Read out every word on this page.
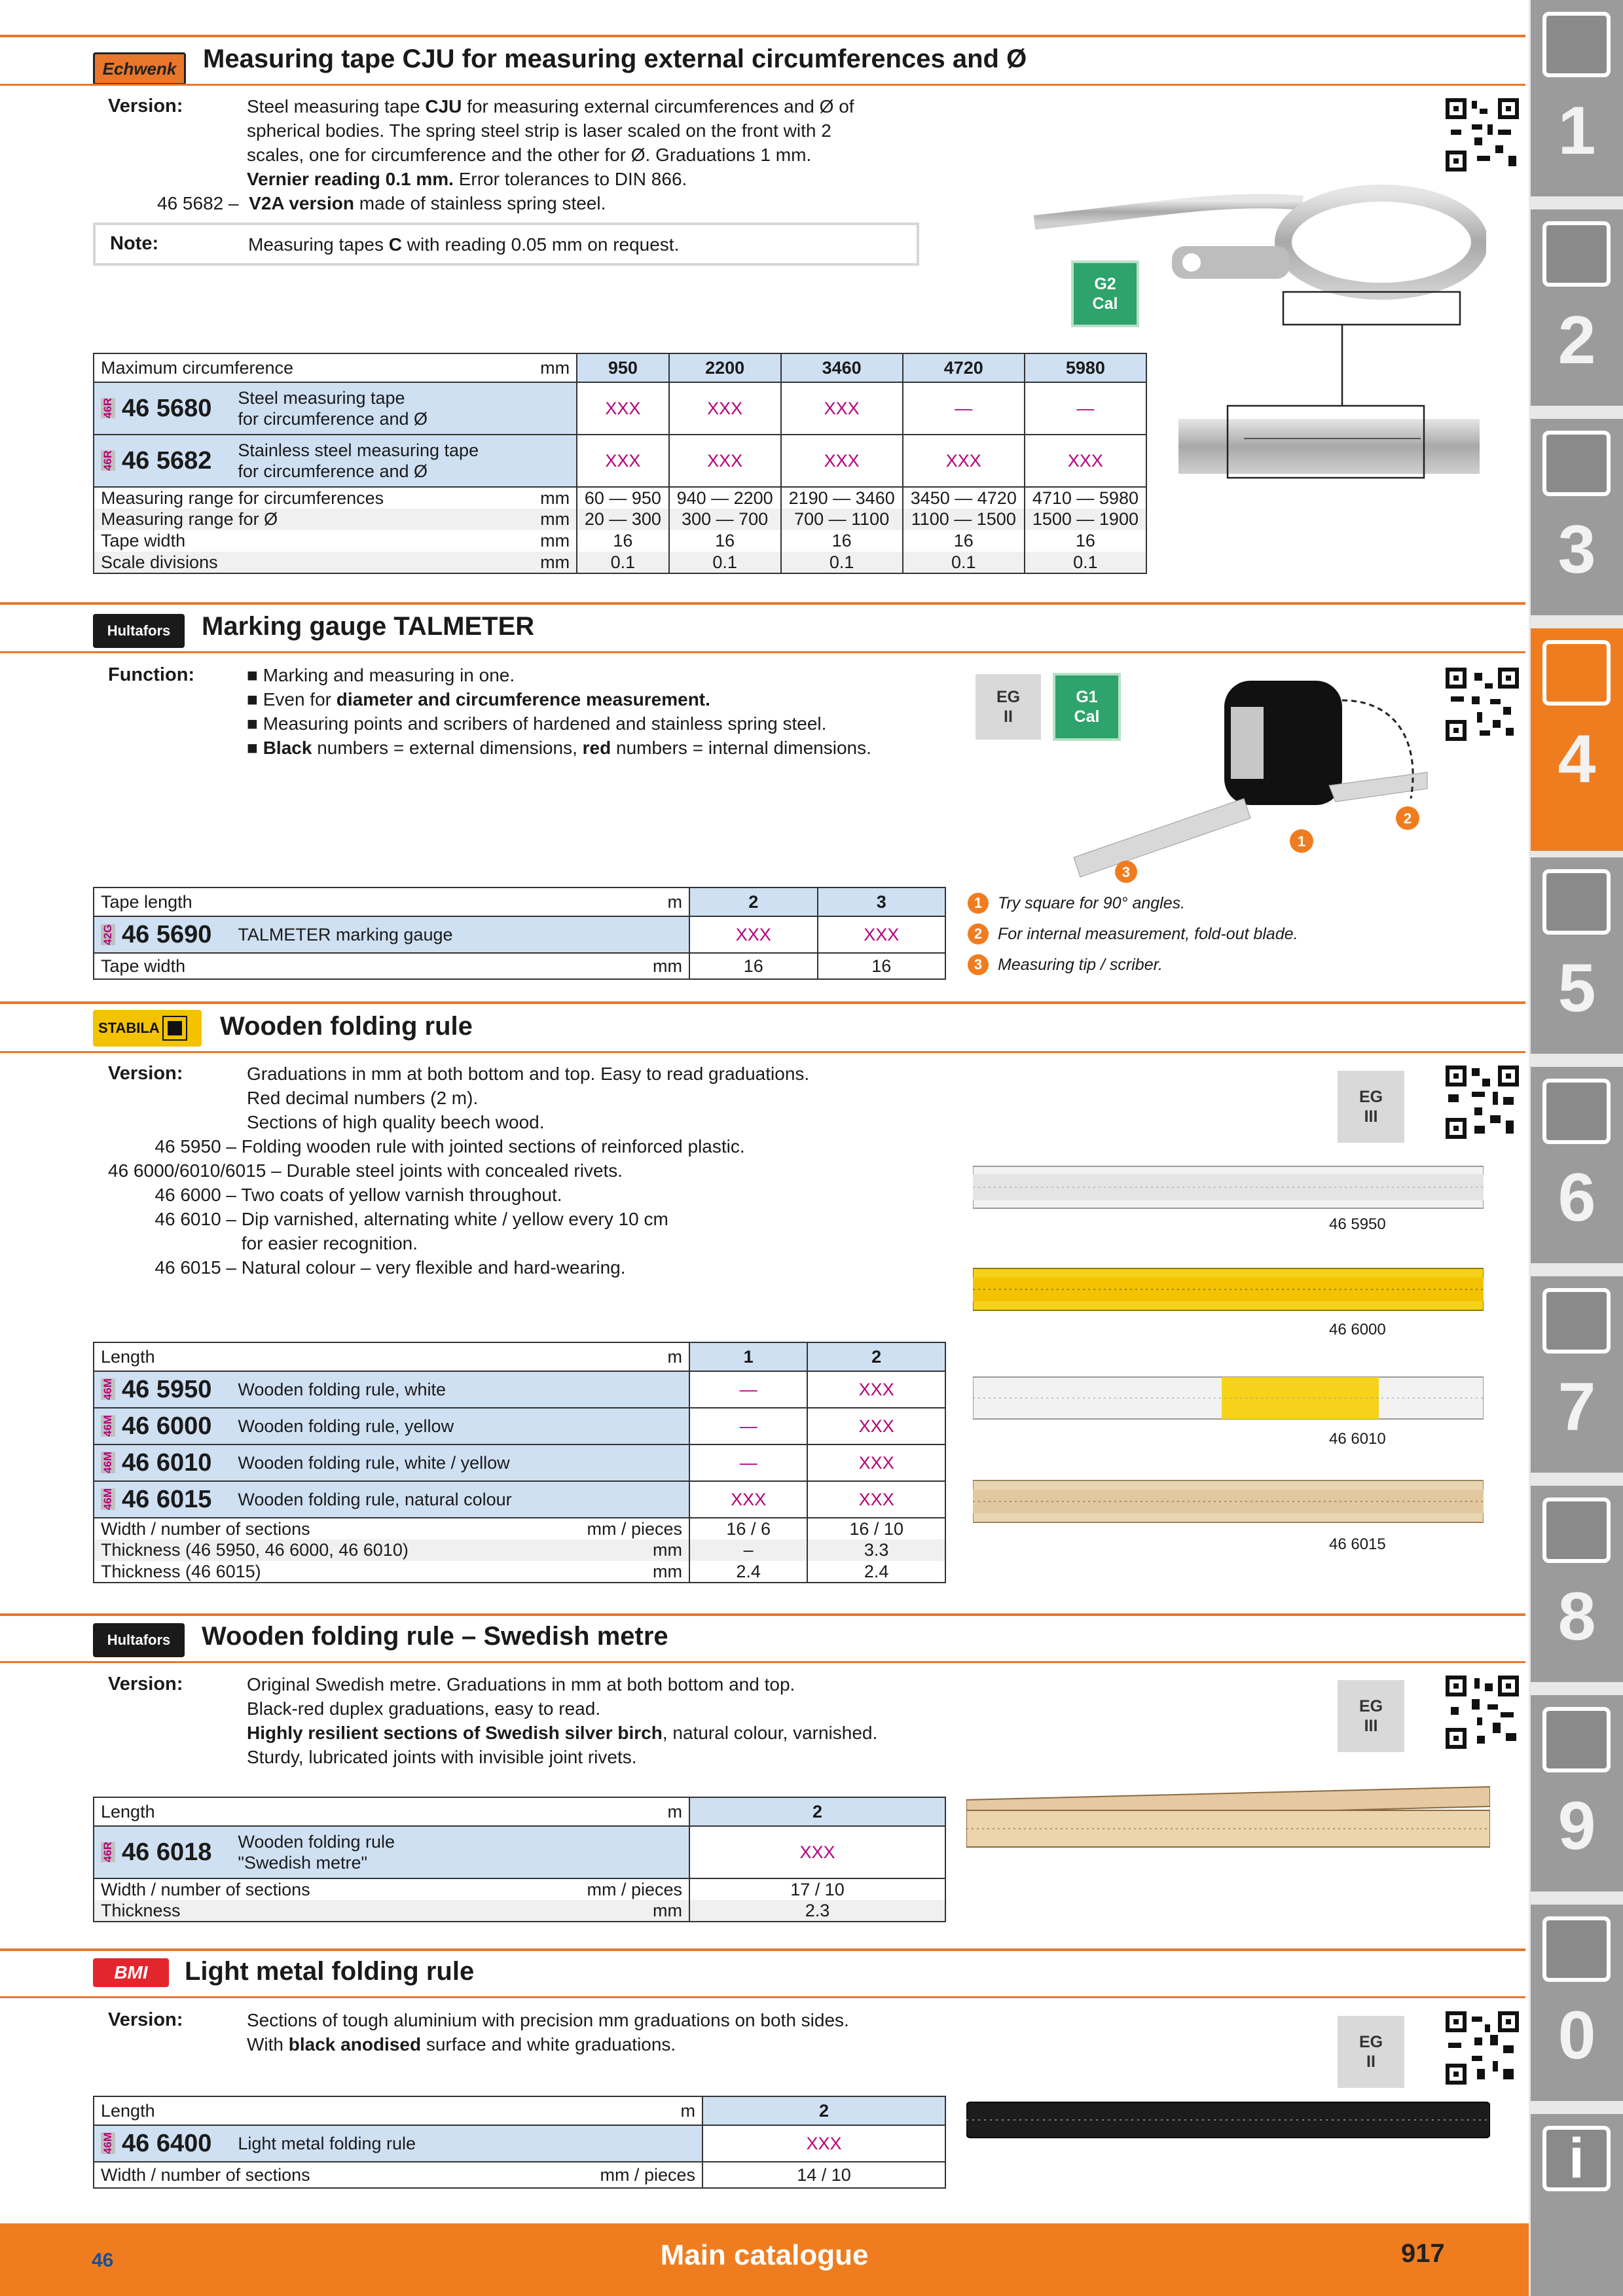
Echwenk	Measuring tape CJU for measuring external circumferences and Ø
Version:	Steel measuring tape CJU for measuring external circumferences and Ø of
spherical bodies. The spring steel strip is laser scaled on the front with 2
scales, one for circumference and the other for Ø. Graduations 1 mm.
Vernier reading 0.1 mm. Error tolerances to DIN 866.
46 5682 – V2A version made of stainless spring steel.
Note:	Measuring tapes C with reading 0.05 mm on request.
G2
Cal
Maximum circumference	mm	950	2200	3460	4720	5980

46R 46 5680 Steel measuring tape
for circumference and Ø		XXX	XXX	XXX	—	—

46R 46 5682 Stainless steel measuring tape
for circumference and Ø		XXX	XXX	XXX	XXX	XXX
Measuring range for circumferences	mm	60 — 950	940 — 2200	2190 — 3460	3450 — 4720	4710 — 5980
Measuring range for Ø	mm	20 — 300	300 — 700	700 — 1100	1100 — 1500	1500 — 1900
Tape width	mm	16	16	16	16	16
Scale divisions	mm	0.1	0.1	0.1	0.1	0.1
Hultafors	Marking gauge TALMETER
Function:	■ Marking and measuring in one.
■ Even for diameter and circumference measurement.
■ Measuring points and scribers of hardened and stainless spring steel.
■ Black numbers = external dimensions, red numbers = internal dimensions.
EG
II
G1
Cal
1
2
3
1 Try square for 90° angles.
2 For internal measurement, fold-out blade.
3 Measuring tip / scriber.
Tape length	m	2	3

42G 46 5690 TALMETER marking gauge		XXX	XXX
Tape width	mm	16	16
STABILA Wooden folding rule
Version:	Graduations in mm at both bottom and top. Easy to read graduations.
Red decimal numbers (2 m).
Sections of high quality beech wood.
46 5950 – Folding wooden rule with jointed sections of reinforced plastic.
46 6000/6010/6015 – Durable steel joints with concealed rivets.
46 6000 – Two coats of yellow varnish throughout.
46 6010 – Dip varnished, alternating white / yellow every 10 cm
for easier recognition.
46 6015 – Natural colour – very flexible and hard-wearing.
EG
III
46 5950
46 6000
46 6010
46 6015
Length	m	1	2

46M 46 5950 Wooden folding rule, white		—	XXX

46M 46 6000 Wooden folding rule, yellow		—	XXX

46M 46 6010 Wooden folding rule, white / yellow		—	XXX

46M 46 6015 Wooden folding rule, natural colour		XXX	XXX
Width / number of sections	mm / pieces	16 / 6	16 / 10
Thickness (46 5950, 46 6000, 46 6010)	mm	–	3.3
Thickness (46 6015)	mm	2.4	2.4
Hultafors	Wooden folding rule – Swedish metre
Version:	Original Swedish metre. Graduations in mm at both bottom and top.
Black-red duplex graduations, easy to read.
Highly resilient sections of Swedish silver birch, natural colour, varnished.
Sturdy, lubricated joints with invisible joint rivets.
EG
III
Length	m	2

46R 46 6018 Wooden folding rule
"Swedish metre"		XXX
Width / number of sections	mm / pieces	17 / 10
Thickness	mm	2.3
BMI	Light metal folding rule
Version:	Sections of tough aluminium with precision mm graduations on both sides.
With black anodised surface and white graduations.	EG
II
Length	m	2

46M 46 6400 Light metal folding rule		XXX
Width / number of sections	mm / pieces	14 / 10
1
2
3
4
5
6
7
8
9
0
i
46	Main catalogue	917
